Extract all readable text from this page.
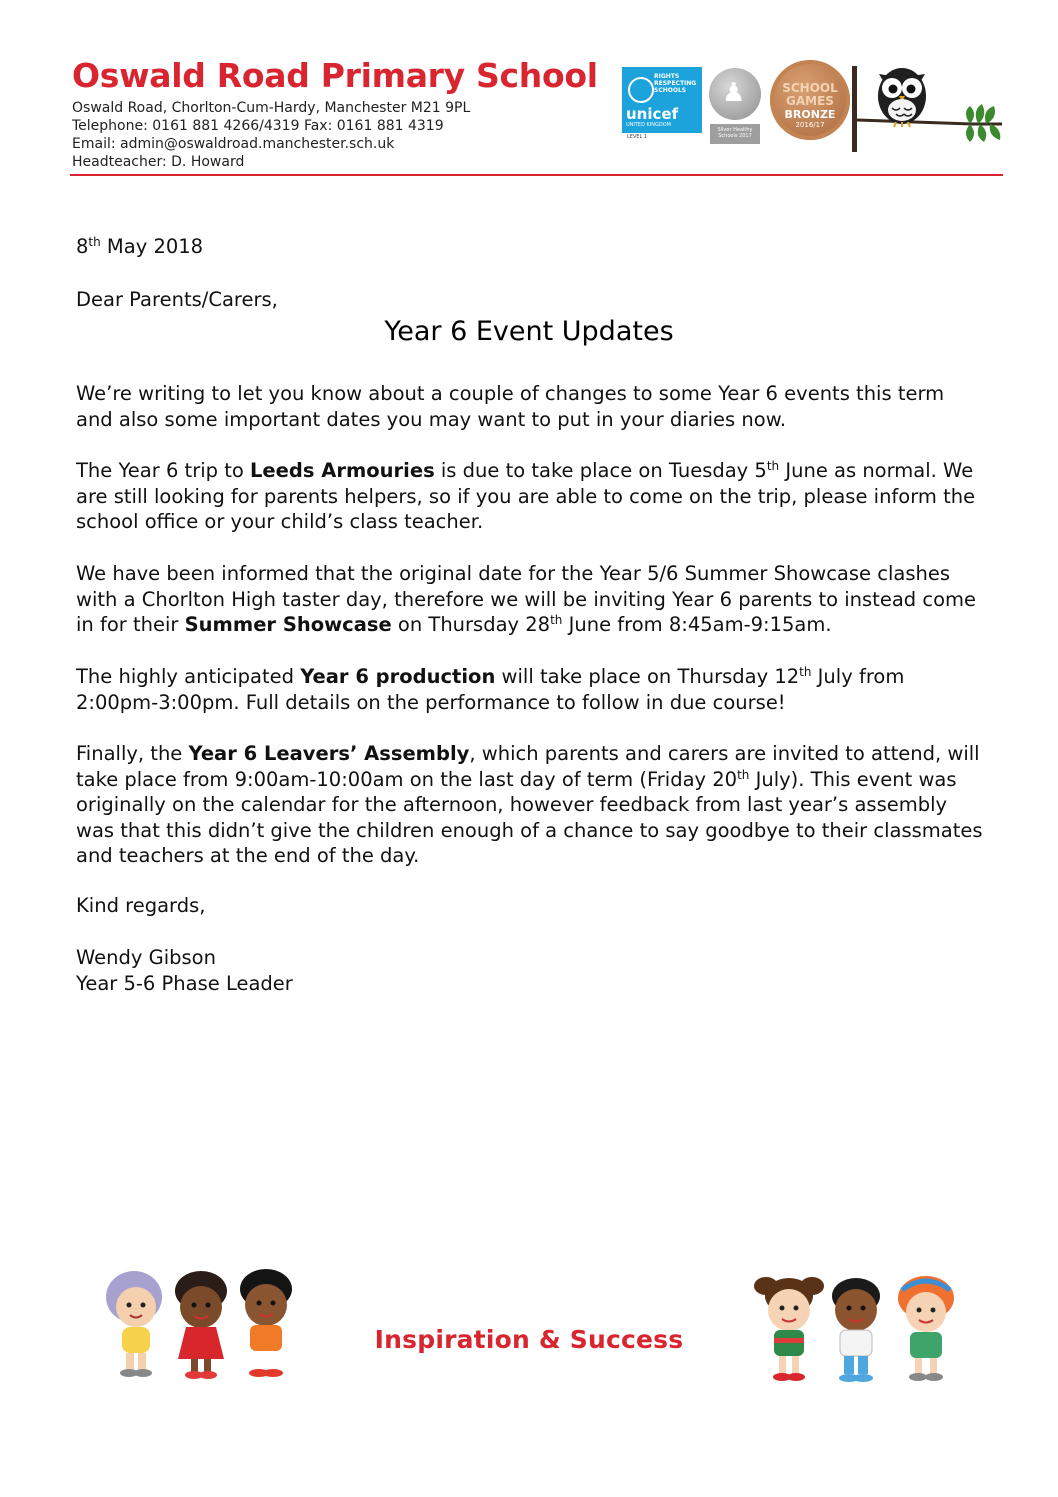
Oswald Road Primary School
Oswald Road, Chorlton-Cum-Hardy, Manchester M21 9PL
Telephone: 0161 881 4266/4319 Fax: 0161 881 4319
Email: admin@oswaldroad.manchester.sch.uk
Headteacher: D. Howard
RIGHTS
RESPECTING
SCHOOLS
unicef
UNITED KINGDOM
LEVEL 1
♟
Silver Healthy
Schools 2017
SCHOOL
GAMES
BRONZE
2016/17
8th May 2018
Dear Parents/Carers,
Year 6 Event Updates

We’re writing to let you know about a couple of changes to some Year 6 events this term and also some important dates you may want to put in your diaries now.

The Year 6 trip to Leeds Armouries is due to take place on Tuesday 5th June as normal. We are still looking for parents helpers, so if you are able to come on the trip, please inform the school office or your child’s class teacher.

We have been informed that the original date for the Year 5/6 Summer Showcase clashes with a Chorlton High taster day, therefore we will be inviting Year 6 parents to instead come in for their Summer Showcase on Thursday 28th June from 8:45am-9:15am.

The highly anticipated Year 6 production will take place on Thursday 12th July from 2:00pm-3:00pm. Full details on the performance to follow in due course!

Finally, the Year 6 Leavers’ Assembly, which parents and carers are invited to attend, will take place from 9:00am-10:00am on the last day of term (Friday 20th July). This event was originally on the calendar for the afternoon, however feedback from last year’s assembly was that this didn’t give the children enough of a chance to say goodbye to their classmates and teachers at the end of the day.

Kind regards,
Wendy Gibson
Year 5-6 Phase Leader
Inspiration & Success
